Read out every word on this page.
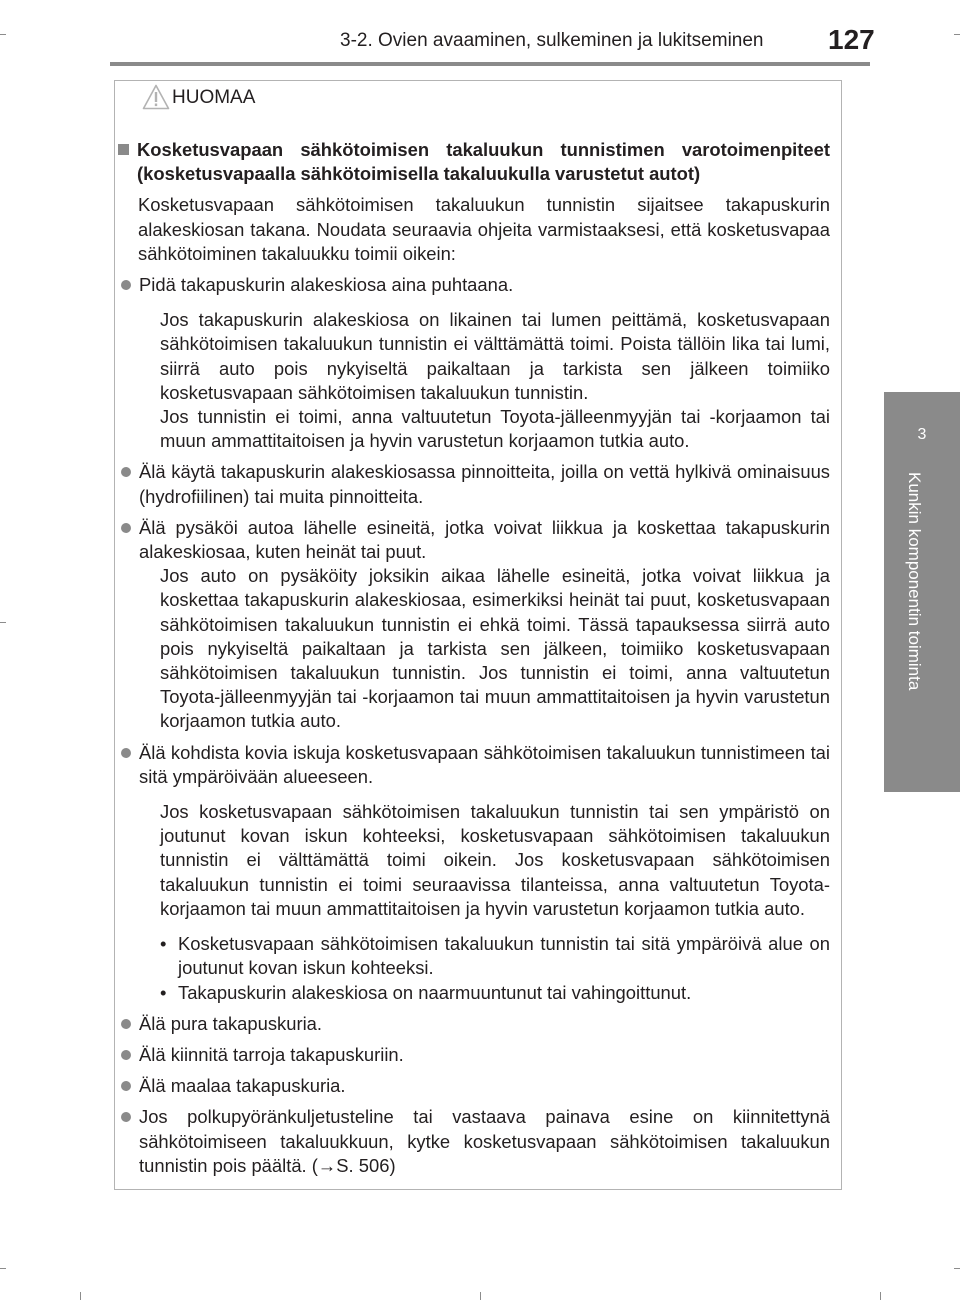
3-2. Ovien avaaminen, sulkeminen ja lukitseminen 127
3
Kunkin komponentin toiminta
HUOMAA

Kosketusvapaan sähkötoimisen takaluukun tunnistimen varotoimenpiteet (kosketusvapaalla sähkötoimisella takaluukulla varustetut autot)

Kosketusvapaan sähkötoimisen takaluukun tunnistin sijaitsee takapuskurin alakeskiosan takana. Noudata seuraavia ohjeita varmistaaksesi, että kosketusvapaa sähkötoiminen takaluukku toimii oikein:

Pidä takapuskurin alakeskiosa aina puhtaana.

Jos takapuskurin alakeskiosa on likainen tai lumen peittämä, kosketusvapaan sähkötoimisen takaluukun tunnistin ei välttämättä toimi. Poista tällöin lika tai lumi, siirrä auto pois nykyiseltä paikaltaan ja tarkista sen jälkeen toimiiko kosketusvapaan sähkötoimisen takaluukun tunnistin.

Jos tunnistin ei toimi, anna valtuutetun Toyota-jälleenmyyjän tai -korjaamon tai muun ammattitaitoisen ja hyvin varustetun korjaamon tutkia auto.

Älä käytä takapuskurin alakeskiosassa pinnoitteita, joilla on vettä hylkivä ominaisuus (hydrofiilinen) tai muita pinnoitteita.

Älä pysäköi autoa lähelle esineitä, jotka voivat liikkua ja koskettaa takapuskurin alakeskiosaa, kuten heinät tai puut.

Jos auto on pysäköity joksikin aikaa lähelle esineitä, jotka voivat liikkua ja koskettaa takapuskurin alakeskiosaa, esimerkiksi heinät tai puut, kosketusvapaan sähkötoimisen takaluukun tunnistin ei ehkä toimi. Tässä tapauksessa siirrä auto pois nykyiseltä paikaltaan ja tarkista sen jälkeen, toimiiko kosketusvapaan sähkötoimisen takaluukun tunnistin. Jos tunnistin ei toimi, anna valtuutetun Toyota-jälleenmyyjän tai -korjaamon tai muun ammattitaitoisen ja hyvin varustetun korjaamon tutkia auto.

Älä kohdista kovia iskuja kosketusvapaan sähkötoimisen takaluukun tunnistimeen tai sitä ympäröivään alueeseen.

Jos kosketusvapaan sähkötoimisen takaluukun tunnistin tai sen ympäristö on joutunut kovan iskun kohteeksi, kosketusvapaan sähkötoimisen takaluukun tunnistin ei välttämättä toimi oikein. Jos kosketusvapaan sähkötoimisen takaluukun tunnistin ei toimi seuraavissa tilanteissa, anna valtuutetun Toyota-korjaamon tai muun ammattitaitoisen ja hyvin varustetun korjaamon tutkia auto.

• Kosketusvapaan sähkötoimisen takaluukun tunnistin tai sitä ympäröivä alue on joutunut kovan iskun kohteeksi.

• Takapuskurin alakeskiosa on naarmuuntunut tai vahingoittunut.

Älä pura takapuskuria.

Älä kiinnitä tarroja takapuskuriin.

Älä maalaa takapuskuria.

Jos polkupyöränkuljetusteline tai vastaava painava esine on kiinnitettynä sähkötoimiseen takaluukkuun, kytke kosketusvapaan sähkötoimisen takaluukun tunnistin pois päältä. (→S. 506)
